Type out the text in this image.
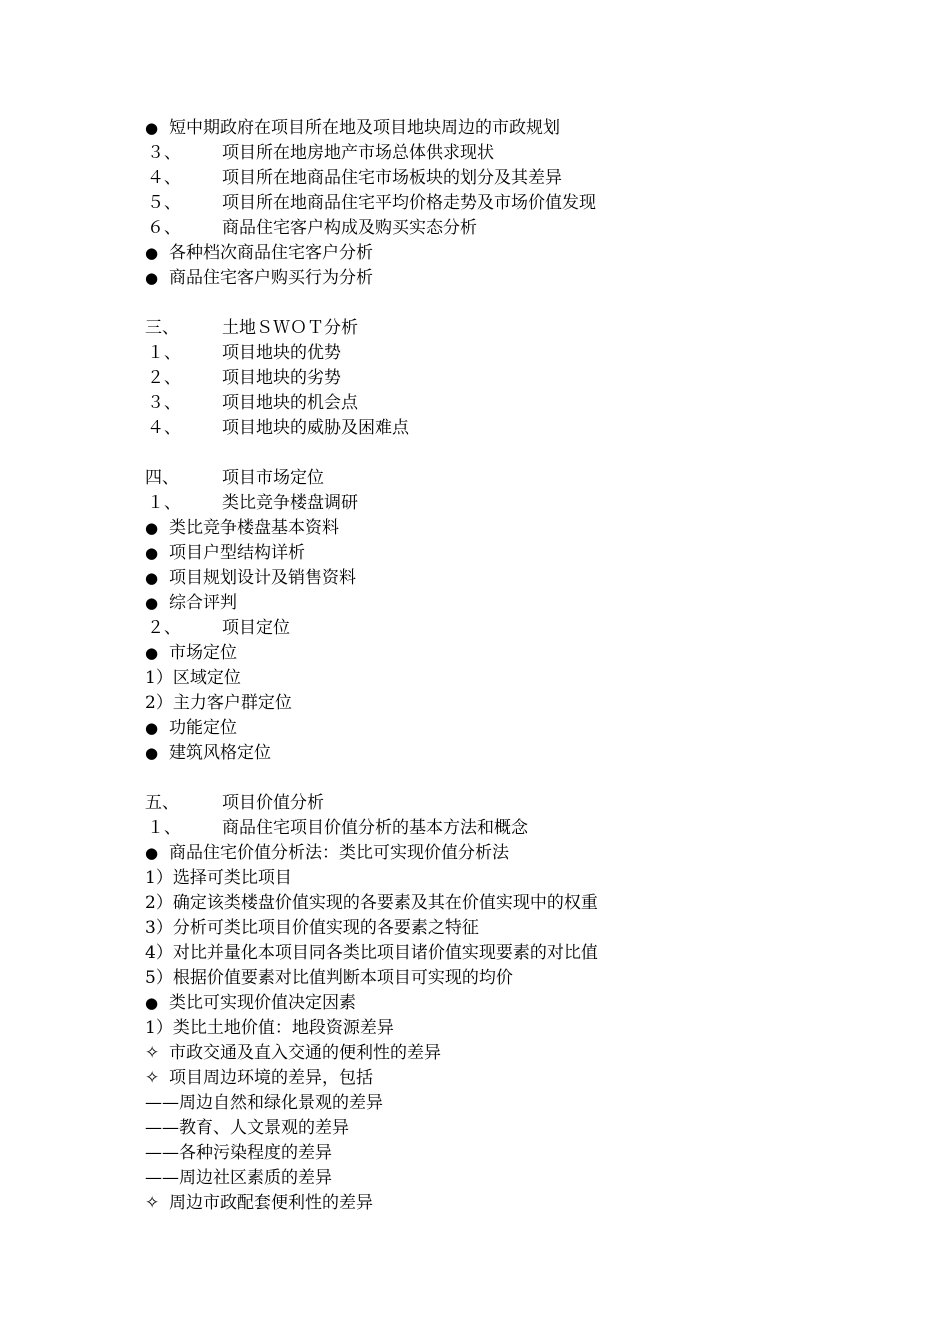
●短中期政府在项目所在地及项目地块周边的市政规划
３、 项目所在地房地产市场总体供求现状
４、 项目所在地商品住宅市场板块的划分及其差异
５、 项目所在地商品住宅平均价格走势及市场价值发现
６、 商品住宅客户构成及购买实态分析
●各种档次商品住宅客户分析
●商品住宅客户购买行为分析
三、	土地ＳＷＯＴ分析
１、 项目地块的优势
２、 项目地块的劣势
３、 项目地块的机会点
４、 项目地块的威胁及困难点
四、	项目市场定位
１、 类比竞争楼盘调研
●类比竞争楼盘基本资料
●项目户型结构详析
●项目规划设计及销售资料
●综合评判
２、 项目定位
●市场定位
1）区域定位
2）主力客户群定位
●功能定位
●建筑风格定位
五、	项目价值分析
１、 商品住宅项目价值分析的基本方法和概念
●商品住宅价值分析法：类比可实现价值分析法
1）选择可类比项目
2）确定该类楼盘价值实现的各要素及其在价值实现中的权重
3）分析可类比项目价值实现的各要素之特征
4）对比并量化本项目同各类比项目诸价值实现要素的对比值
5）根据价值要素对比值判断本项目可实现的均价
●类比可实现价值决定因素
1）类比土地价值：地段资源差异
✧市政交通及直入交通的便利性的差异
✧项目周边环境的差异，包括
——周边自然和绿化景观的差异
——教育、人文景观的差异
——各种污染程度的差异
——周边社区素质的差异
✧周边市政配套便利性的差异
